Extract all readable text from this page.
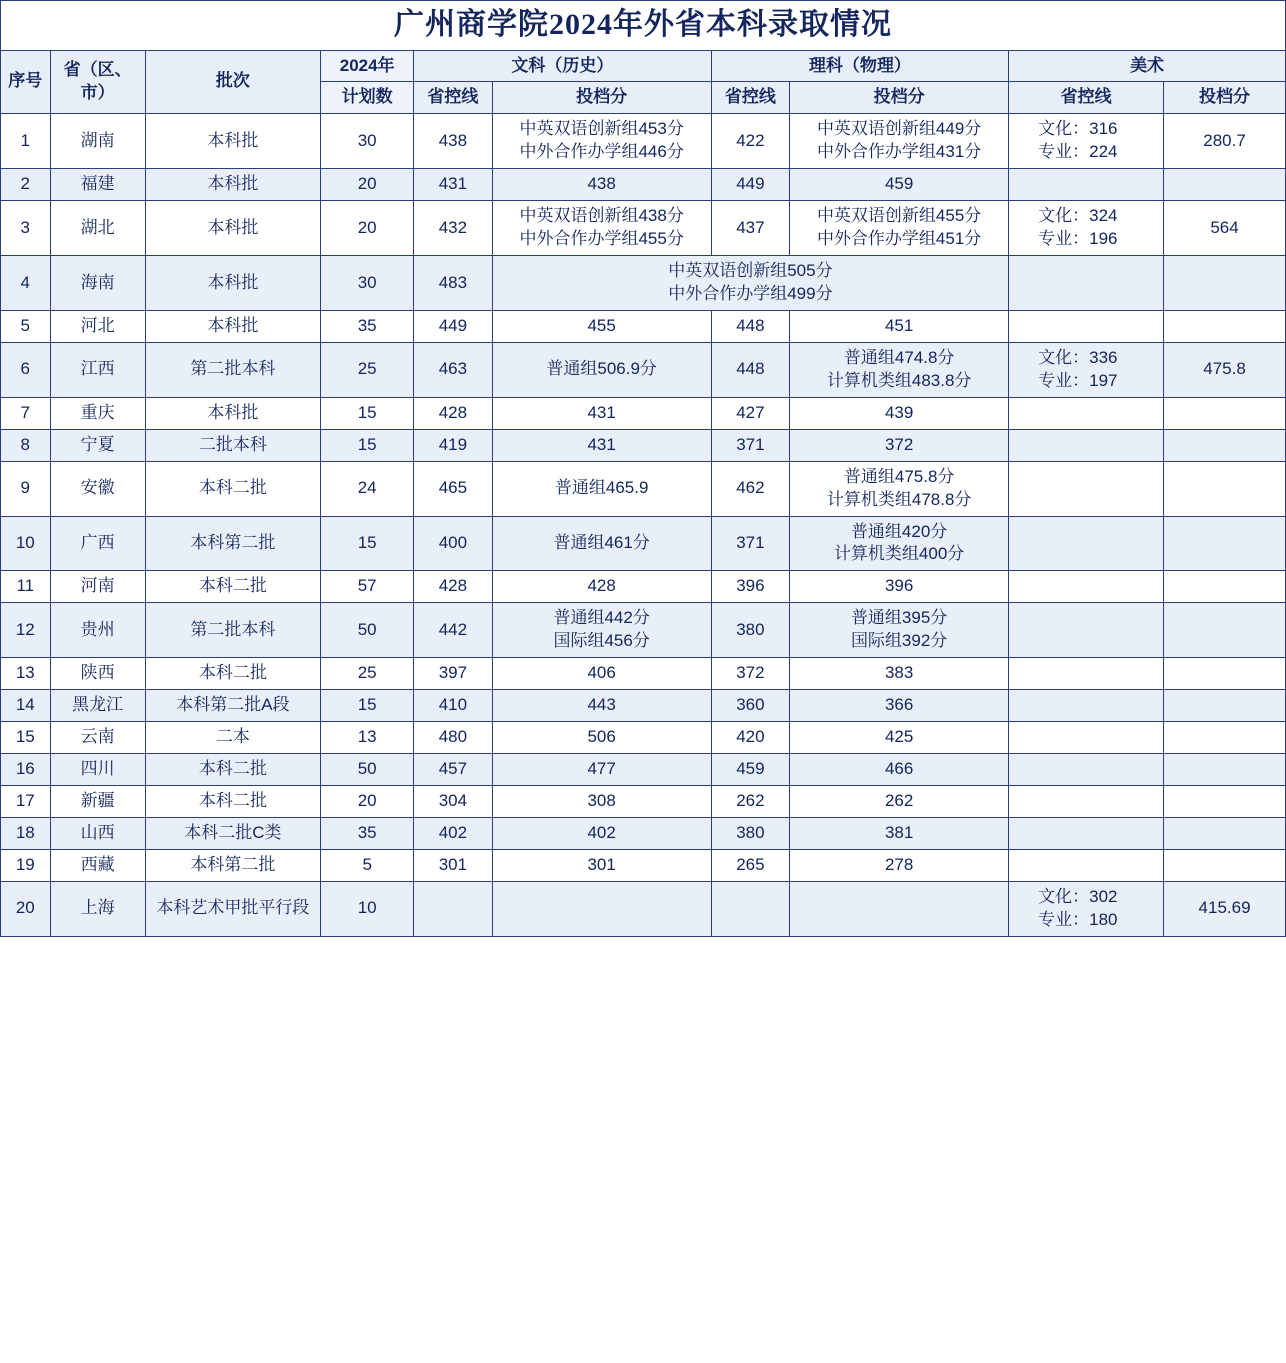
广州商学院2024年外省本科录取情况									
序号	省（区、市）	批次	2024年	文科（历史）		理科（物理）		美术	
			计划数	省控线	投档分	省控线	投档分	省控线	投档分
1	湖南	本科批	30	438	中英双语创新组453分
中外合作办学组446分	422	中英双语创新组449分
中外合作办学组431分	文化：316
专业：224	280.7
2	福建	本科批	20	431	438	449	459		

3	湖北	本科批	20	432	中英双语创新组438分
中外合作办学组455分	437	中英双语创新组455分
中外合作办学组451分	文化：324
专业：196	564
4	海南	本科批	30	483	中英双语创新组505分
中外合作办学组499分				

5	河北	本科批	35	449	455	448	451		

6	江西	第二批本科	25	463	普通组506.9分	448	普通组474.8分
计算机类组483.8分	文化：336
专业：197	475.8
7	重庆	本科批	15	428	431	427	439		

8	宁夏	二批本科	15	419	431	371	372		

9	安徽	本科二批	24	465	普通组465.9	462	普通组475.8分
计算机类组478.8分		

10	广西	本科第二批	15	400	普通组461分	371	普通组420分
计算机类组400分		

11	河南	本科二批	57	428	428	396	396		

12	贵州	第二批本科	50	442	普通组442分
国际组456分	380	普通组395分
国际组392分		

13	陕西	本科二批	25	397	406	372	383		

14	黑龙江	本科第二批A段	15	410	443	360	366		

15	云南	二本	13	480	506	420	425		

16	四川	本科二批	50	457	477	459	466		

17	新疆	本科二批	20	304	308	262	262		

18	山西	本科二批C类	35	402	402	380	381		

19	西藏	本科第二批	5	301	301	265	278		

20	上海	本科艺术甲批平行段	10					文化：302
专业：180	415.69
